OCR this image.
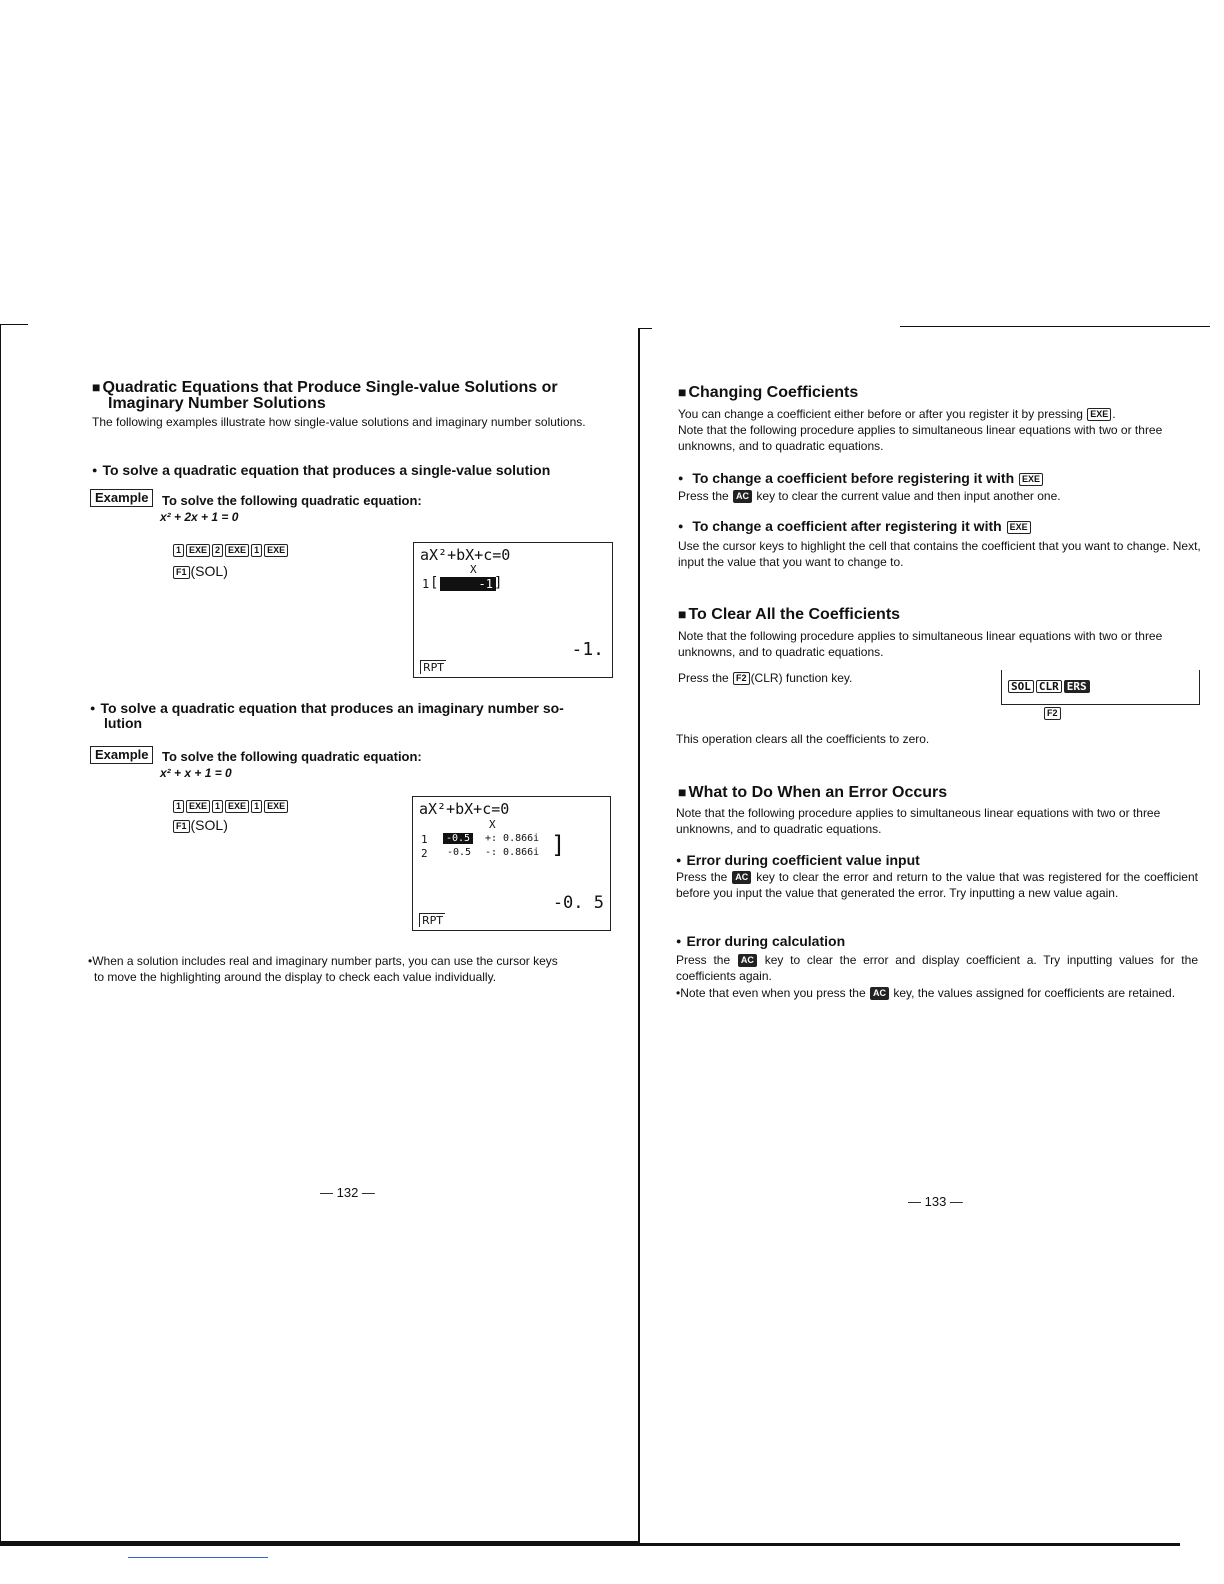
■ Quadratic Equations that Produce Single-value Solutions or
Imaginary Number Solutions

The following examples illustrate how single-value solutions and imaginary number solutions.

● To solve a quadratic equation that produces a single-value solution
Example	To solve the following quadratic equation:
x² + 2x + 1 = 0
1 EXE 2 EXE 1 EXE
F1 (SOL)
aX²+bX+c=0
X
1 [	-1 ]
-1.
RPT
● To solve a quadratic equation that produces an imaginary number so-
lution
Example	To solve the following quadratic equation:
x² + x + 1 = 0
1 EXE 1 EXE 1 EXE
F1 (SOL)
aX²+bX+c=0
X
1	-0.5	+: 0.866i
2 -0.5 -: 0.866i ]
-0. 5
RPT

•When a solution includes real and imaginary number parts, you can use the cursor keys

to move the highlighting around the display to check each value individually.

— 132 —
■ Changing Coefficients

You can change a coefficient either before or after you register it by pressing EXE .

Note that the following procedure applies to simultaneous linear equations with two or three unknowns, and to quadratic equations.

● To change a coefficient before registering it with EXE

Press the AC key to clear the current value and then input another one.

● To change a coefficient after registering it with EXE

Use the cursor keys to highlight the cell that contains the coefficient that you want to change. Next, input the value that you want to change to.

■ To Clear All the Coefficients

Note that the following procedure applies to simultaneous linear equations with two or three unknowns, and to quadratic equations.

Press the F2 (CLR) function key.

SOL CLR ERS
F2

This operation clears all the coefficients to zero.

■ What to Do When an Error Occurs

Note that the following procedure applies to simultaneous linear equations with two or three unknowns, and to quadratic equations.

● Error during coefficient value input

Press the AC key to clear the error and return to the value that was registered for the coefficient before you input the value that generated the error. Try inputting a new value again.

● Error during calculation

Press the AC key to clear the error and display coefficient a. Try inputting values for the coefficients again.

•Note that even when you press the AC key, the values assigned for coefficients are retained.

— 133 —
